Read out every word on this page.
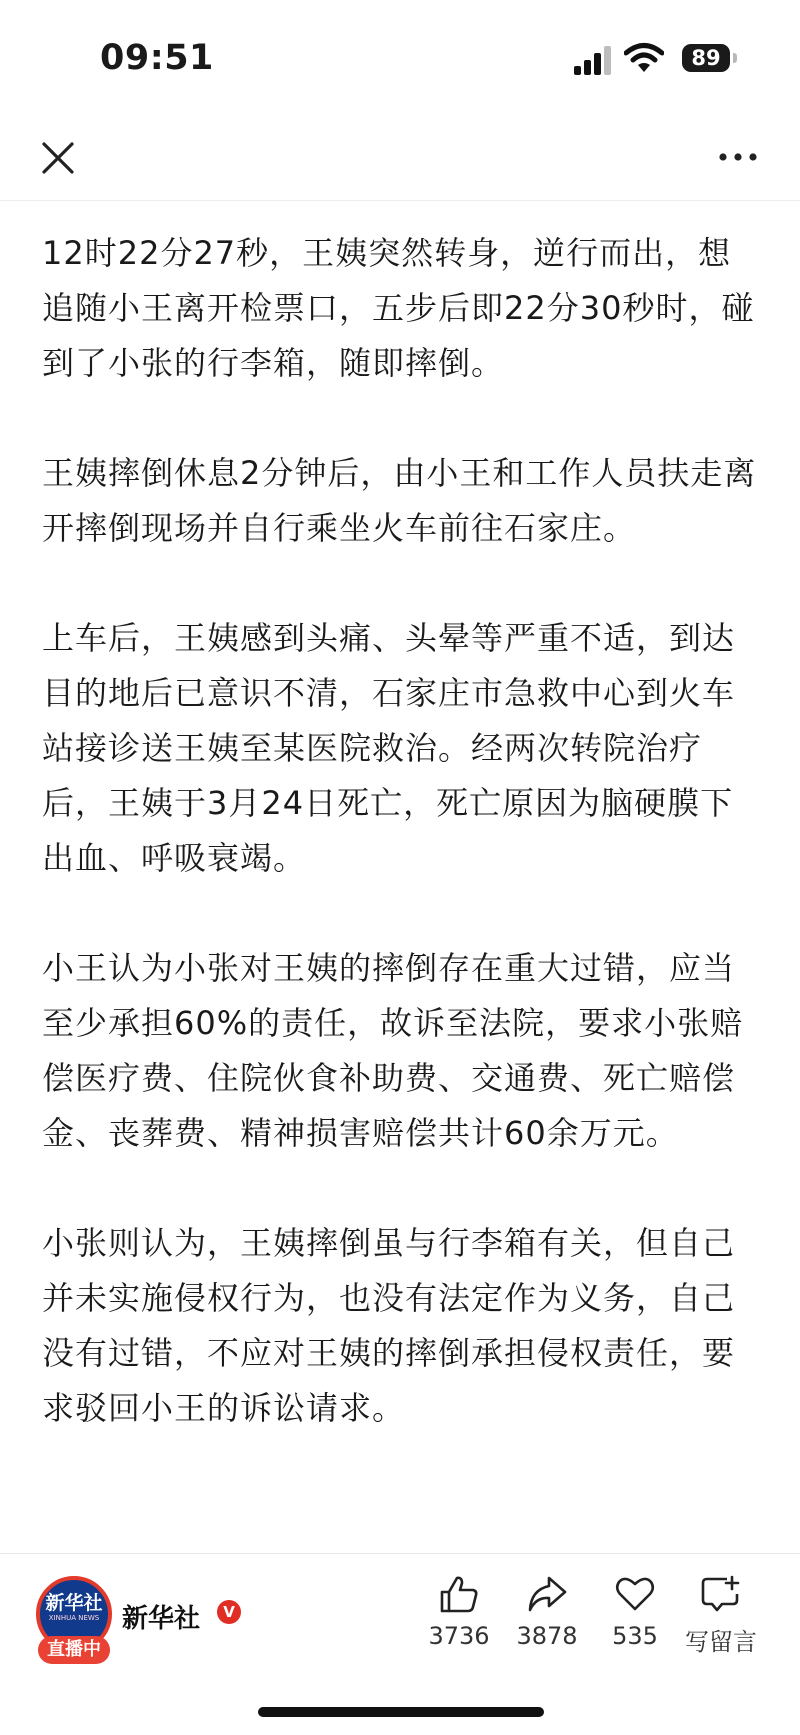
09:51	89

12时22分27秒，王姨突然转身，逆行而出，想追随小王离开检票口，五步后即22分30秒时，碰到了小张的行李箱，随即摔倒。

王姨摔倒休息2分钟后，由小王和工作人员扶走离开摔倒现场并自行乘坐火车前往石家庄。

上车后，王姨感到头痛、头晕等严重不适，到达目的地后已意识不清，石家庄市急救中心到火车站接诊送王姨至某医院救治。经两次转院治疗后，王姨于3月24日死亡，死亡原因为脑硬膜下出血、呼吸衰竭。

小王认为小张对王姨的摔倒存在重大过错，应当至少承担60%的责任，故诉至法院，要求小张赔偿医疗费、住院伙食补助费、交通费、死亡赔偿金、丧葬费、精神损害赔偿共计60余万元。

小张则认为，王姨摔倒虽与行李箱有关，但自己并未实施侵权行为，也没有法定作为义务，自己没有过错，不应对王姨的摔倒承担侵权责任，要求驳回小王的诉讼请求。

新华社
XINHUA NEWS
直播中
新华社	V
3736	3878	535	写留言
